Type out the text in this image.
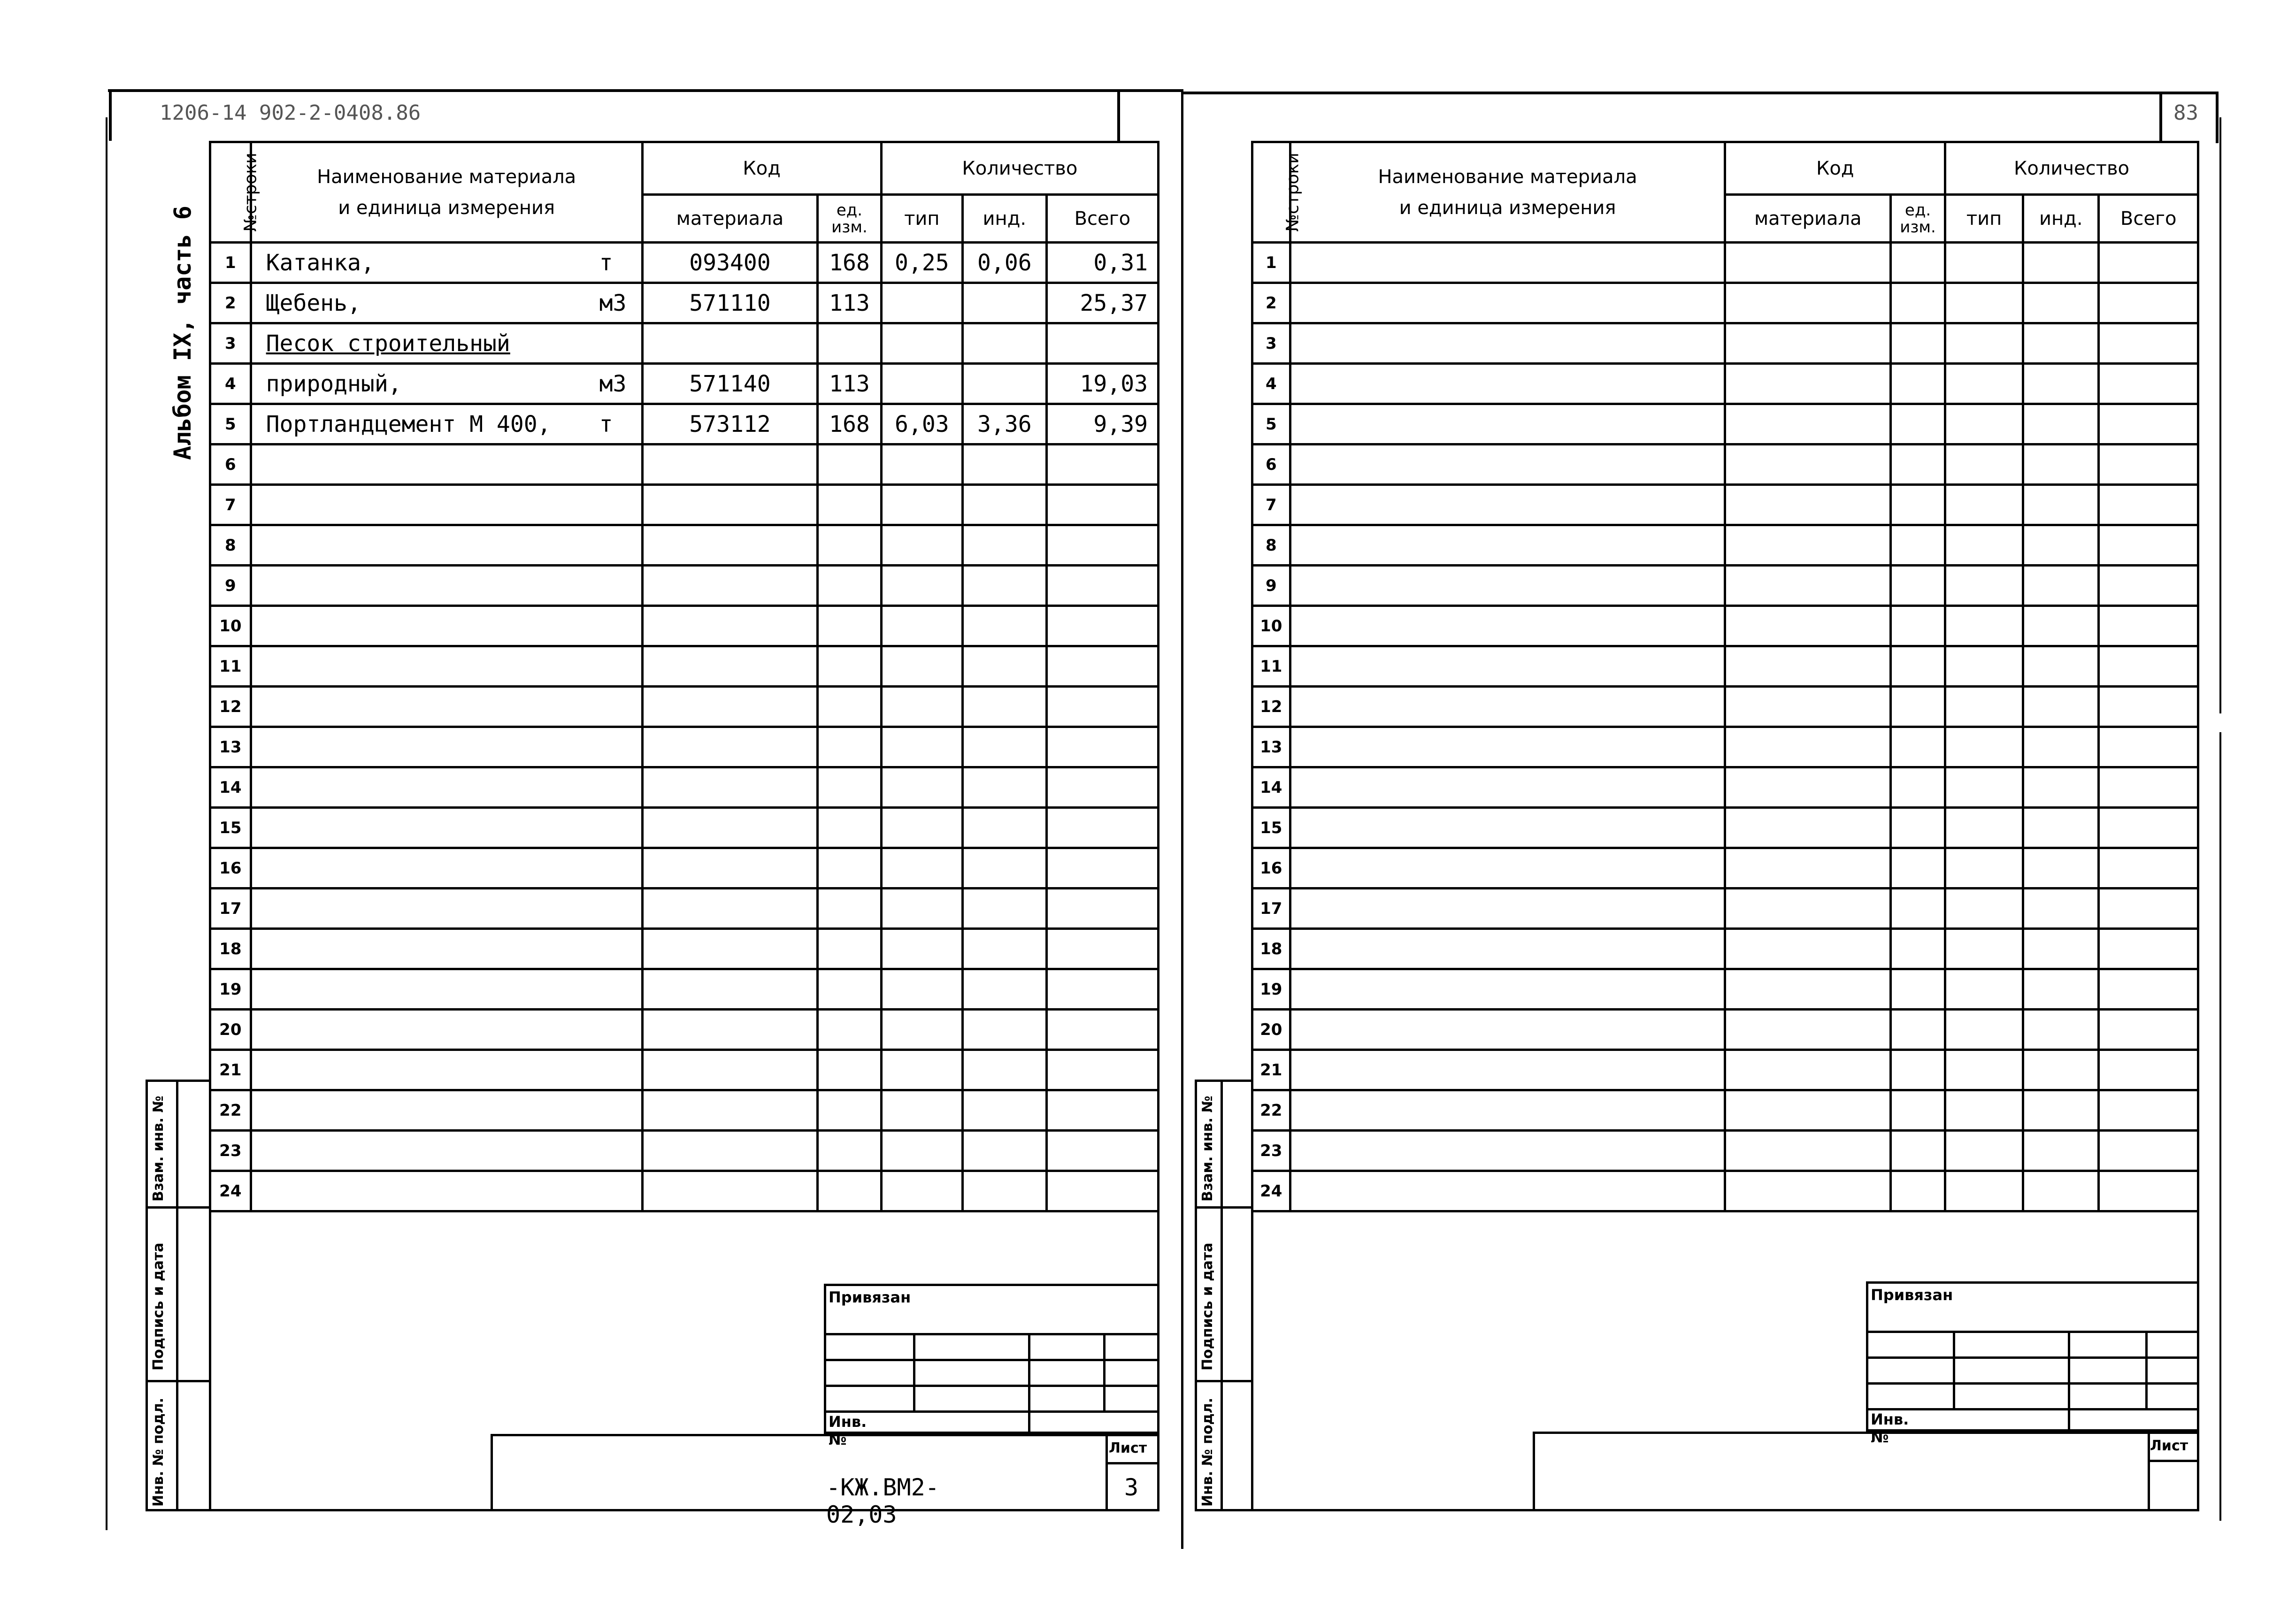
1206-14 902-2-0408.86	83
Альбом IX, часть 6
№строки	Наименование материала
и единица измерения	Код		Количество		
		материала	ед.
изм.	тип	инд.	Всего
1	Катанка, т	093400	168	0,25	0,06	0,31
2	Щебень, м3	571110	113			25,37
3	Песок строительный

4	природный, м3	571140	113			19,03
5	Портландцемент М 400, т	573112	168	6,03	3,36	9,39
6						
7						
8						
9						
10						
11						
12						
13						
14						
15						
16						
17						
18						
19						
20						
21						
22						
23						
24						
Взам. инв. №
Подпись и дата
Инв. № подл.
Привязан
Инв. №	Лист
-КЖ.ВМ2-02,03
3
№строки	Наименование материала
и единица измерения	Код		Количество		
		материала	ед.
изм.	тип	инд.	Всего
1						
2						
3						
4						
5						
6						
7						
8						
9						
10						
11						
12						
13						
14						
15						
16						
17						
18						
19						
20						
21						
22						
23						
24						
Взам. инв. №
Подпись и дата
Инв. № подл.
Привязан
Инв. №	Лист
